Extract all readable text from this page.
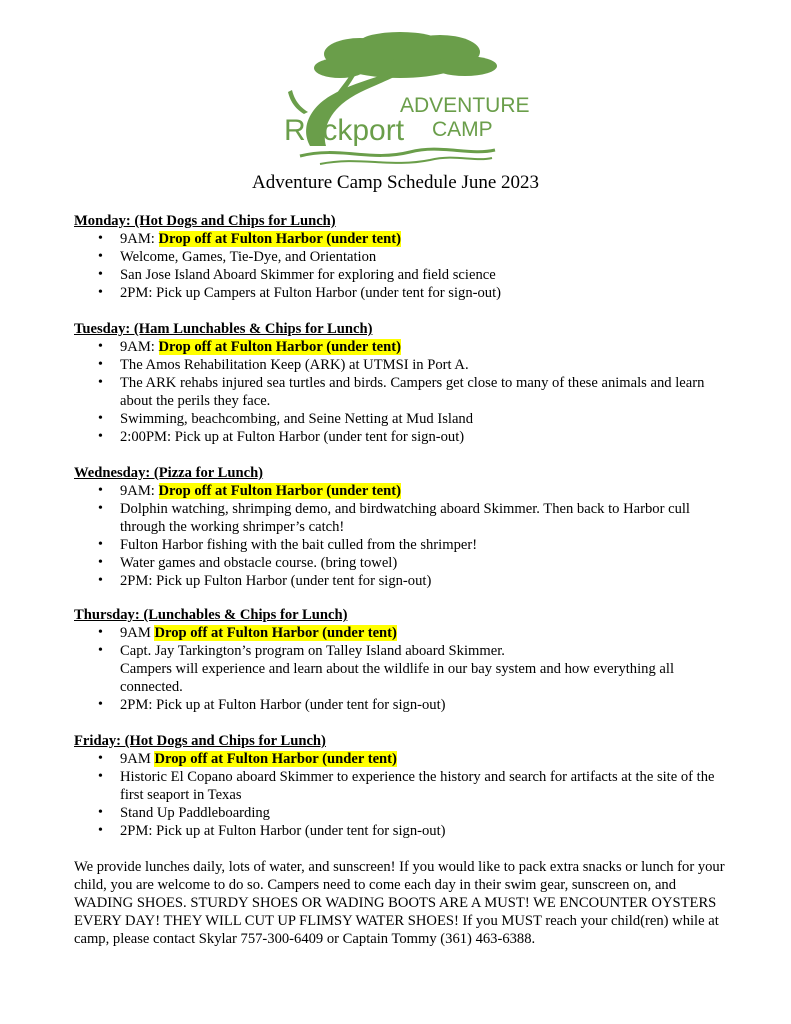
ADVENTURE
CAMP
Rockport
Adventure Camp Schedule June 2023
Monday: (Hot Dogs and Chips for Lunch)
• 9AM: Drop off at Fulton Harbor (under tent)
• Welcome, Games, Tie-Dye, and Orientation
• San Jose Island Aboard Skimmer for exploring and field science
• 2PM: Pick up Campers at Fulton Harbor (under tent for sign-out)
Tuesday: (Ham Lunchables & Chips for Lunch)
• 9AM: Drop off at Fulton Harbor (under tent)
• The Amos Rehabilitation Keep (ARK) at UTMSI in Port A.
• The ARK rehabs injured sea turtles and birds. Campers get close to many of these animals and learn about the perils they face.
• Swimming, beachcombing, and Seine Netting at Mud Island
• 2:00PM: Pick up at Fulton Harbor (under tent for sign-out)
Wednesday: (Pizza for Lunch)
• 9AM: Drop off at Fulton Harbor (under tent)
• Dolphin watching, shrimping demo, and birdwatching aboard Skimmer. Then back to Harbor cull through the working shrimper’s catch!
• Fulton Harbor fishing with the bait culled from the shrimper!
• Water games and obstacle course. (bring towel)
• 2PM: Pick up Fulton Harbor (under tent for sign-out)
Thursday: (Lunchables & Chips for Lunch)
• 9AM Drop off at Fulton Harbor (under tent)
• Capt. Jay Tarkington’s program on Talley Island aboard Skimmer.
Campers will experience and learn about the wildlife in our bay system and how everything all connected.
• 2PM: Pick up at Fulton Harbor (under tent for sign-out)
Friday: (Hot Dogs and Chips for Lunch)
• 9AM Drop off at Fulton Harbor (under tent)
• Historic El Copano aboard Skimmer to experience the history and search for artifacts at the site of the first seaport in Texas
• Stand Up Paddleboarding
• 2PM: Pick up at Fulton Harbor (under tent for sign-out)
We provide lunches daily, lots of water, and sunscreen! If you would like to pack extra snacks or lunch for your child, you are welcome to do so. Campers need to come each day in their swim gear, sunscreen on, and WADING SHOES. STURDY SHOES OR WADING BOOTS ARE A MUST! WE ENCOUNTER OYSTERS EVERY DAY! THEY WILL CUT UP FLIMSY WATER SHOES! If you MUST reach your child(ren) while at camp, please contact Skylar 757-300-6409 or Captain Tommy (361) 463-6388.
